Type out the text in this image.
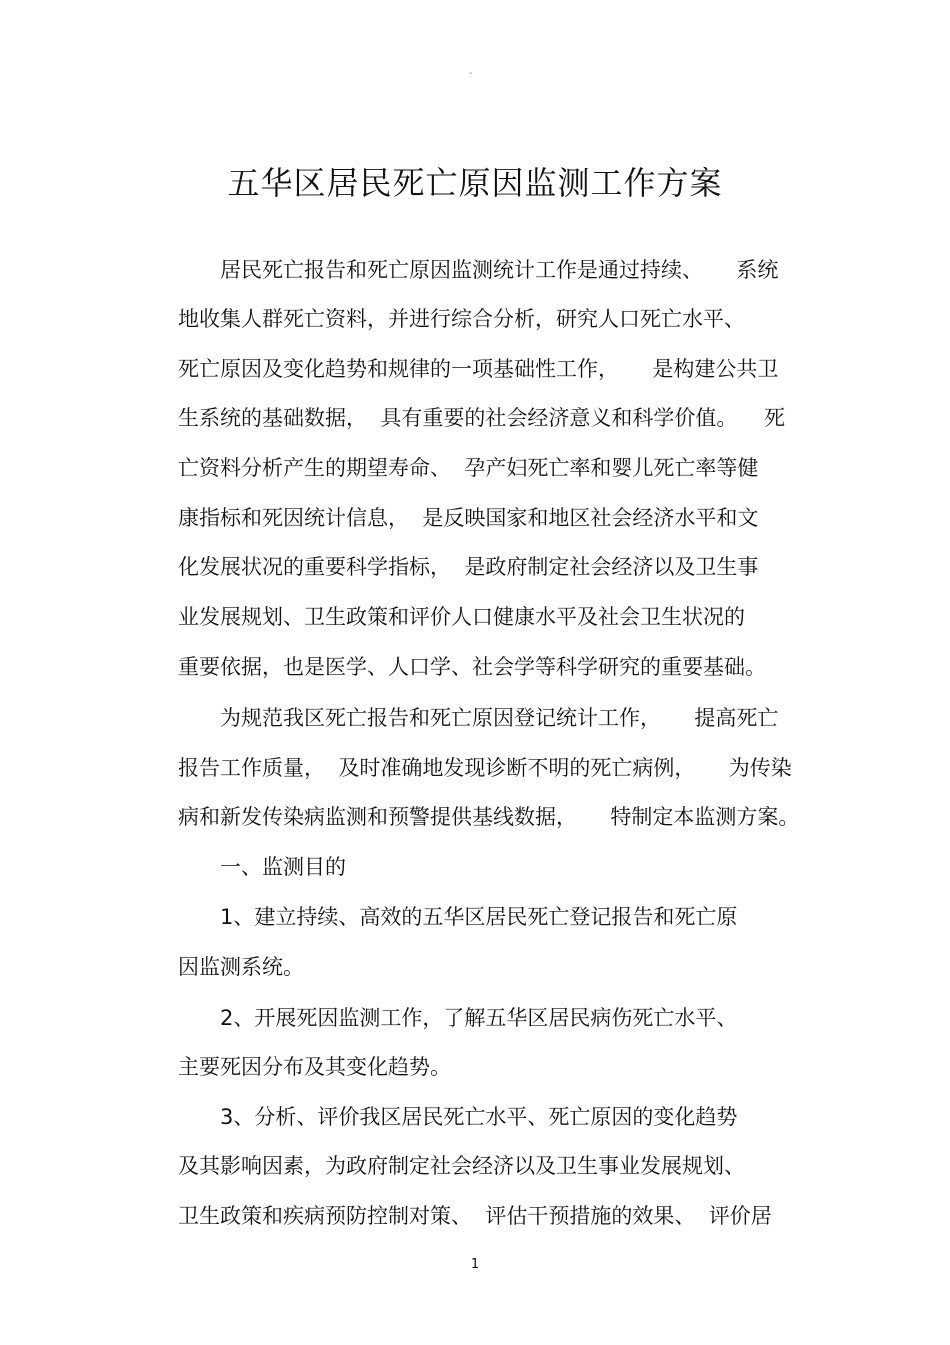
-
五华区居民死亡原因监测工作方案
居民死亡报告和死亡原因监测统计工作是通过持续、     系统
地收集人群死亡资料，并进行综合分析，研究人口死亡水平、
死亡原因及变化趋势和规律的一项基础性工作，     是构建公共卫
生系统的基础数据，  具有重要的社会经济意义和科学价值。    死
亡资料分析产生的期望寿命、  孕产妇死亡率和婴儿死亡率等健
康指标和死因统计信息，  是反映国家和地区社会经济水平和文
化发展状况的重要科学指标，  是政府制定社会经济以及卫生事
业发展规划、卫生政策和评价人口健康水平及社会卫生状况的
重要依据，也是医学、人口学、社会学等科学研究的重要基础。
为规范我区死亡报告和死亡原因登记统计工作，     提高死亡
报告工作质量，  及时准确地发现诊断不明的死亡病例，     为传染
病和新发传染病监测和预警提供基线数据，     特制定本监测方案。
一、监测目的
1、建立持续、高效的五华区居民死亡登记报告和死亡原
因监测系统。
2、开展死因监测工作，了解五华区居民病伤死亡水平、
主要死因分布及其变化趋势。
3、分析、评价我区居民死亡水平、死亡原因的变化趋势
及其影响因素，为政府制定社会经济以及卫生事业发展规划、
卫生政策和疾病预防控制对策、  评估干预措施的效果、  评价居
1
